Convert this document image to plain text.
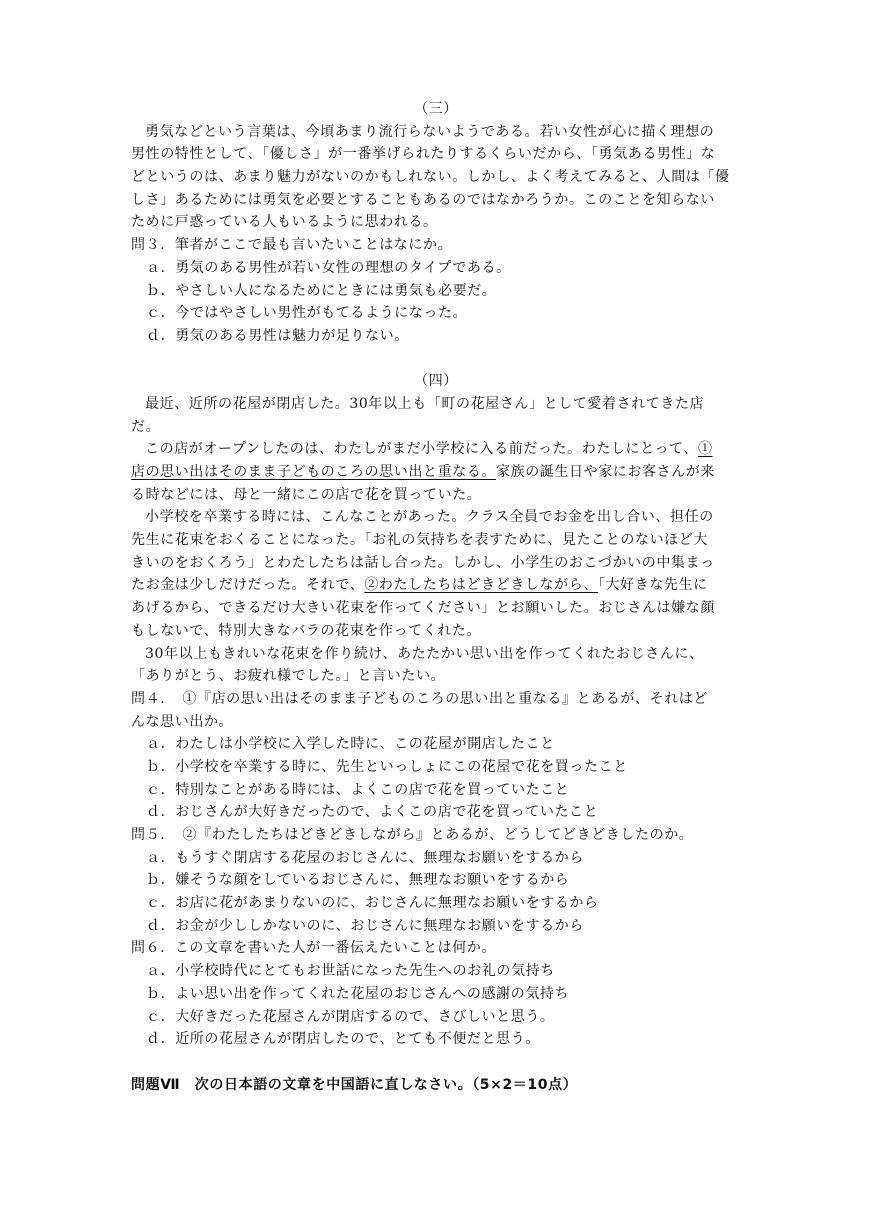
（三）
勇気などという言葉は、今頃あまり流行らないようである。若い女性が心に描く理想の
男性の特性として、「優しさ」が一番挙げられたりするくらいだから、「勇気ある男性」な
どというのは、あまり魅力がないのかもしれない。しかし、よく考えてみると、人間は「優
しさ」あるためには勇気を必要とすることもあるのではなかろうか。このことを知らない
ために戸惑っている人もいるように思われる。
問３．筆者がここで最も言いたいことはなにか。
ａ．勇気のある男性が若い女性の理想のタイプである。
ｂ．やさしい人になるためにときには勇気も必要だ。
ｃ．今ではやさしい男性がもてるようになった。
ｄ．勇気のある男性は魅力が足りない。
（四）
最近、近所の花屋が閉店した。30年以上も「町の花屋さん」として愛着されてきた店
だ。
この店がオープンしたのは、わたしがまだ小学校に入る前だった。わたしにとって、①
店の思い出はそのまま子どものころの思い出と重なる。家族の誕生日や家にお客さんが来
る時などには、母と一緒にこの店で花を買っていた。
小学校を卒業する時には、こんなことがあった。クラス全員でお金を出し合い、担任の
先生に花束をおくることになった。「お礼の気持ちを表すために、見たことのないほど大
きいのをおくろう」とわたしたちは話し合った。しかし、小学生のおこづかいの中集まっ
たお金は少しだけだった。それで、②わたしたちはどきどきしながら、「大好きな先生に
あげるから、できるだけ大きい花束を作ってください」とお願いした。おじさんは嫌な顔
もしないで、特別大きなバラの花束を作ってくれた。
30年以上もきれいな花束を作り続け、あたたかい思い出を作ってくれたおじさんに、
「ありがとう、お疲れ様でした。」と言いたい。
問４．　①『店の思い出はそのまま子どものころの思い出と重なる』とあるが、それはど
んな思い出か。
ａ．わたしは小学校に入学した時に、この花屋が開店したこと
ｂ．小学校を卒業する時に、先生といっしょにこの花屋で花を買ったこと
ｃ．特別なことがある時には、よくこの店で花を買っていたこと
ｄ．おじさんが大好きだったので、よくこの店で花を買っていたこと
問５．　②『わたしたちはどきどきしながら』とあるが、どうしてどきどきしたのか。
ａ．もうすぐ閉店する花屋のおじさんに、無理なお願いをするから
ｂ．嫌そうな顔をしているおじさんに、無理なお願いをするから
ｃ．お店に花があまりないのに、おじさんに無理なお願いをするから
ｄ．お金が少ししかないのに、おじさんに無理なお願いをするから
問６．この文章を書いた人が一番伝えたいことは何か。
ａ．小学校時代にとてもお世話になった先生へのお礼の気持ち
ｂ．よい思い出を作ってくれた花屋のおじさんへの感謝の気持ち
ｃ．大好きだった花屋さんが閉店するので、さびしいと思う。
ｄ．近所の花屋さんが閉店したので、とても不便だと思う。
問題Ⅶ　次の日本語の文章を中国語に直しなさい。（5×2＝10点）
